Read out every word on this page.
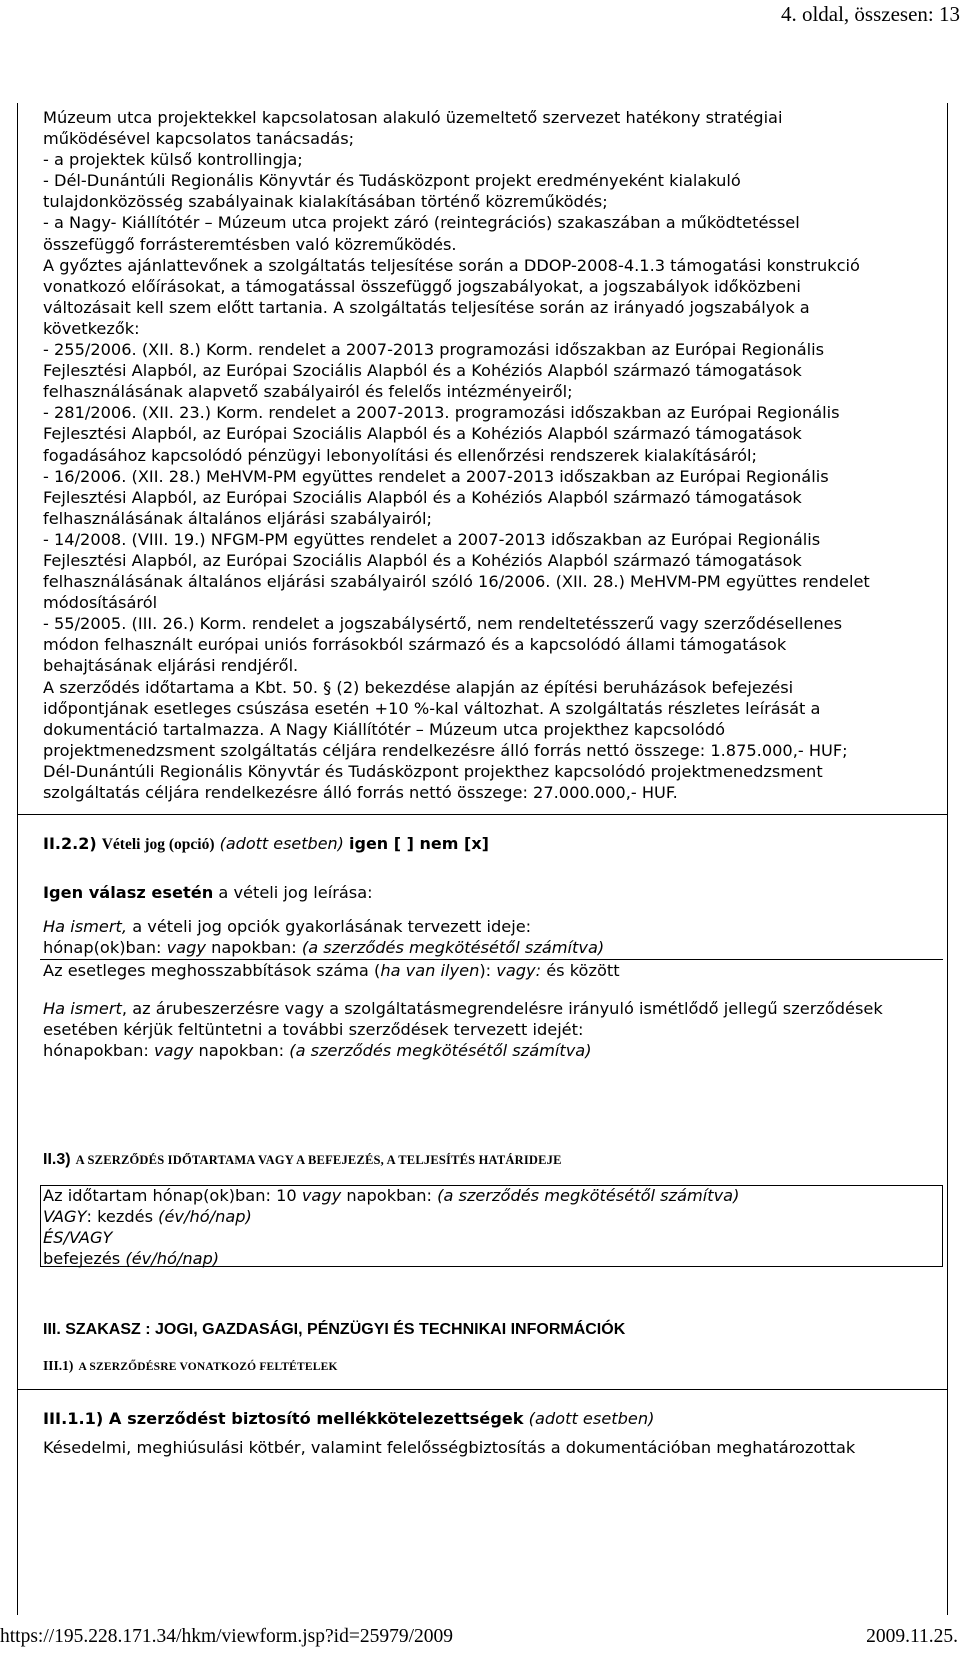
4. oldal, összesen: 13
Múzeum utca projektekkel kapcsolatosan alakuló üzemeltető szervezet hatékony stratégiai
működésével kapcsolatos tanácsadás;
- a projektek külső kontrollingja;
- Dél-Dunántúli Regionális Könyvtár és Tudásközpont projekt eredményeként kialakuló
tulajdonközösség szabályainak kialakításában történő közreműködés;
- a Nagy- Kiállítótér – Múzeum utca projekt záró (reintegrációs) szakaszában a működtetéssel
összefüggő forrásteremtésben való közreműködés.
A győztes ajánlattevőnek a szolgáltatás teljesítése során a DDOP-2008-4.1.3 támogatási konstrukció
vonatkozó előírásokat, a támogatással összefüggő jogszabályokat, a jogszabályok időközbeni
változásait kell szem előtt tartania. A szolgáltatás teljesítése során az irányadó jogszabályok a
következők:
- 255/2006. (XII. 8.) Korm. rendelet a 2007-2013 programozási időszakban az Európai Regionális
Fejlesztési Alapból, az Európai Szociális Alapból és a Kohéziós Alapból származó támogatások
felhasználásának alapvető szabályairól és felelős intézményeiről;
- 281/2006. (XII. 23.) Korm. rendelet a 2007-2013. programozási időszakban az Európai Regionális
Fejlesztési Alapból, az Európai Szociális Alapból és a Kohéziós Alapból származó támogatások
fogadásához kapcsolódó pénzügyi lebonyolítási és ellenőrzési rendszerek kialakításáról;
- 16/2006. (XII. 28.) MeHVM-PM együttes rendelet a 2007-2013 időszakban az Európai Regionális
Fejlesztési Alapból, az Európai Szociális Alapból és a Kohéziós Alapból származó támogatások
felhasználásának általános eljárási szabályairól;
- 14/2008. (VIII. 19.) NFGM-PM együttes rendelet a 2007-2013 időszakban az Európai Regionális
Fejlesztési Alapból, az Európai Szociális Alapból és a Kohéziós Alapból származó támogatások
felhasználásának általános eljárási szabályairól szóló 16/2006. (XII. 28.) MeHVM-PM együttes rendelet
módosításáról
- 55/2005. (III. 26.) Korm. rendelet a jogszabálysértő, nem rendeltetésszerű vagy szerződésellenes
módon felhasznált európai uniós forrásokból származó és a kapcsolódó állami támogatások
behajtásának eljárási rendjéről.
A szerződés időtartama a Kbt. 50. § (2) bekezdése alapján az építési beruházások befejezési
időpontjának esetleges csúszása esetén +10 %-kal változhat. A szolgáltatás részletes leírását a
dokumentáció tartalmazza. A Nagy Kiállítótér – Múzeum utca projekthez kapcsolódó
projektmenedzsment szolgáltatás céljára rendelkezésre álló forrás nettó összege: 1.875.000,- HUF;
Dél-Dunántúli Regionális Könyvtár és Tudásközpont projekthez kapcsolódó projektmenedzsment
szolgáltatás céljára rendelkezésre álló forrás nettó összege: 27.000.000,- HUF.
II.2.2) Vételi jog (opció) (adott esetben) igen [ ] nem [x]
Igen válasz esetén a vételi jog leírása:
Ha ismert, a vételi jog opciók gyakorlásának tervezett ideje:
hónap(ok)ban: vagy napokban: (a szerződés megkötésétől számítva)
Az esetleges meghosszabbítások száma (ha van ilyen): vagy: és között
Ha ismert, az árubeszerzésre vagy a szolgáltatásmegrendelésre irányuló ismétlődő jellegű szerződések
esetében kérjük feltüntetni a további szerződések tervezett idejét:
hónapokban: vagy napokban: (a szerződés megkötésétől számítva)
II.3) A SZERZŐDÉS IDŐTARTAMA VAGY A BEFEJEZÉS, A TELJESÍTÉS HATÁRIDEJE
Az időtartam hónap(ok)ban: 10 vagy napokban: (a szerződés megkötésétől számítva)
VAGY: kezdés (év/hó/nap)
ÉS/VAGY
befejezés (év/hó/nap)
III. SZAKASZ : JOGI, GAZDASÁGI, PÉNZÜGYI ÉS TECHNIKAI INFORMÁCIÓK
III.1) A SZERZŐDÉSRE VONATKOZÓ FELTÉTELEK
III.1.1) A szerződést biztosító mellékkötelezettségek (adott esetben)
Késedelmi, meghiúsulási kötbér, valamint felelősségbiztosítás a dokumentációban meghatározottak
https://195.228.171.34/hkm/viewform.jsp?id=25979/2009	2009.11.25.
